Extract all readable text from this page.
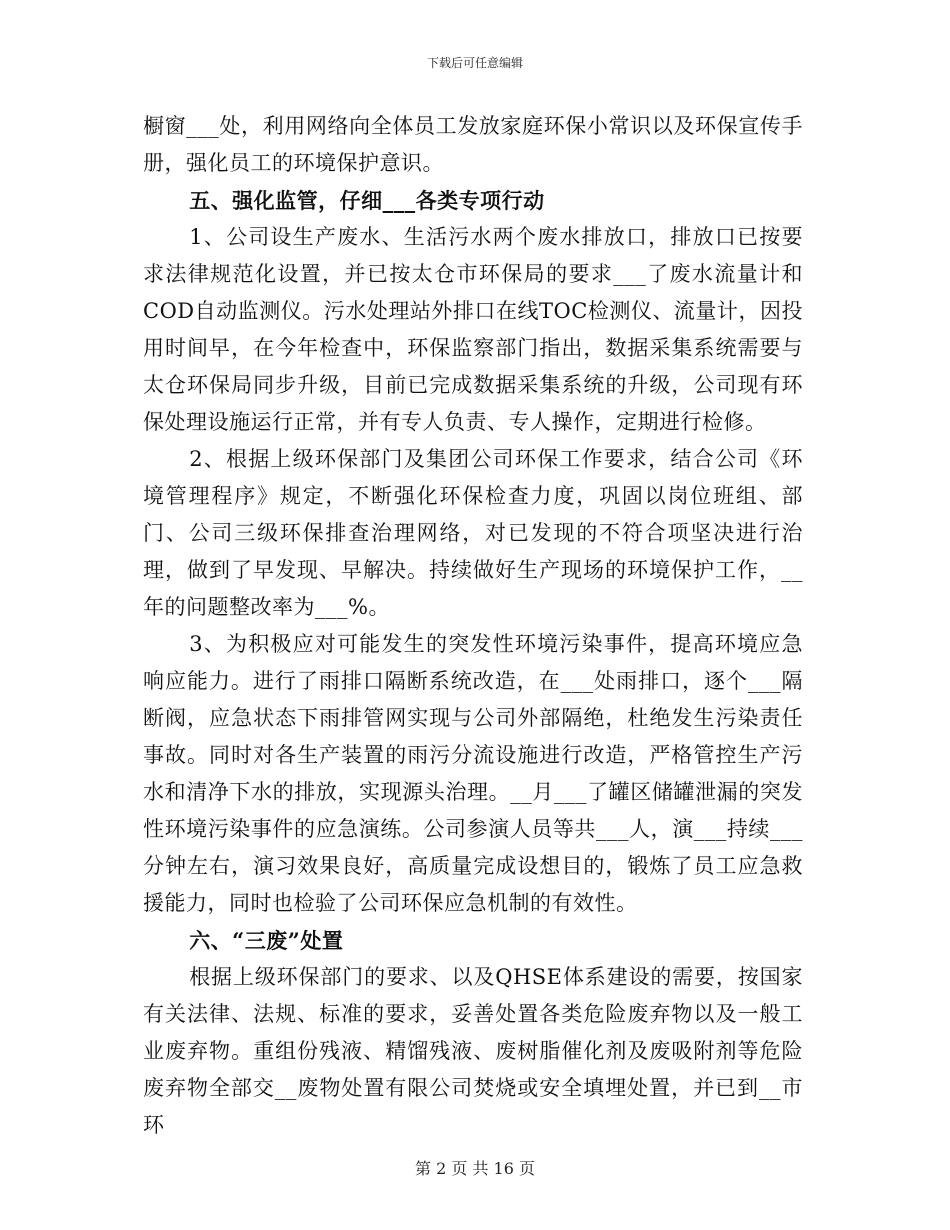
下载后可任意编辑

橱窗___处，利用网络向全体员工发放家庭环保小常识以及环保宣传手册，强化员工的环境保护意识。

五、强化监管，仔细___各类专项行动

1、公司设生产废水、生活污水两个废水排放口，排放口已按要求法律规范化设置，并已按太仓市环保局的要求___了废水流量计和COD自动监测仪。污水处理站外排口在线TOC检测仪、流量计，因投用时间早，在今年检查中，环保监察部门指出，数据采集系统需要与太仓环保局同步升级，目前已完成数据采集系统的升级，公司现有环保处理设施运行正常，并有专人负责、专人操作，定期进行检修。

2、根据上级环保部门及集团公司环保工作要求，结合公司《环境管理程序》规定，不断强化环保检查力度，巩固以岗位班组、部门、公司三级环保排查治理网络，对已发现的不符合项坚决进行治理，做到了早发现、早解决。持续做好生产现场的环境保护工作，__年的问题整改率为___%。

3、为积极应对可能发生的突发性环境污染事件，提高环境应急响应能力。进行了雨排口隔断系统改造，在___处雨排口，逐个___隔断阀，应急状态下雨排管网实现与公司外部隔绝，杜绝发生污染责任事故。同时对各生产装置的雨污分流设施进行改造，严格管控生产污水和清净下水的排放，实现源头治理。__月___了罐区储罐泄漏的突发性环境污染事件的应急演练。公司参演人员等共___人，演___持续___分钟左右，演习效果良好，高质量完成设想目的，锻炼了员工应急救援能力，同时也检验了公司环保应急机制的有效性。

六、“三废”处置

根据上级环保部门的要求、以及QHSE体系建设的需要，按国家有关法律、法规、标准的要求，妥善处置各类危险废弃物以及一般工业废弃物。重组份残液、精馏残液、废树脂催化剂及废吸附剂等危险废弃物全部交__废物处置有限公司焚烧或安全填埋处置，并已到__市环

第 2 页 共 16 页
